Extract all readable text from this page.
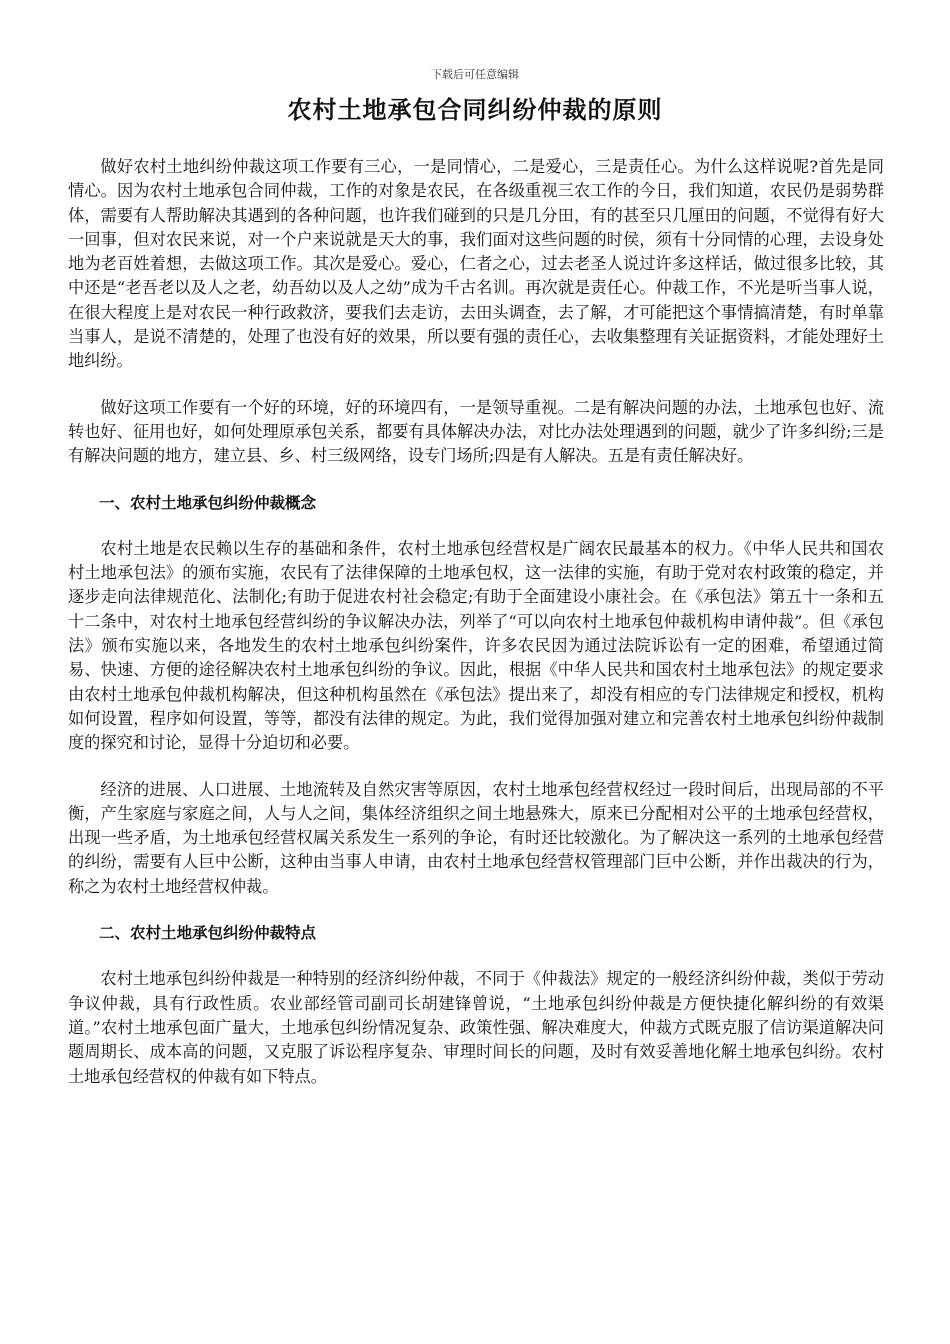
下载后可任意编辑
农村土地承包合同纠纷仲裁的原则

做好农村土地纠纷仲裁这项工作要有三心，一是同情心，二是爱心，三是责任心。为什么这样说呢?首先是同情心。因为农村土地承包合同仲裁，工作的对象是农民，在各级重视三农工作的今日，我们知道，农民仍是弱势群体，需要有人帮助解决其遇到的各种问题，也许我们碰到的只是几分田，有的甚至只几厘田的问题，不觉得有好大一回事，但对农民来说，对一个户来说就是天大的事，我们面对这些问题的时侯，须有十分同情的心理，去设身处地为老百姓着想，去做这项工作。其次是爱心。爱心，仁者之心，过去老圣人说过许多这样话，做过很多比较，其中还是“老吾老以及人之老，幼吾幼以及人之幼”成为千古名训。再次就是责任心。仲裁工作，不光是听当事人说，在很大程度上是对农民一种行政救济，要我们去走访，去田头调查，去了解，才可能把这个事情搞清楚，有时单靠当事人，是说不清楚的，处理了也没有好的效果，所以要有强的责任心，去收集整理有关证据资料，才能处理好土地纠纷。

做好这项工作要有一个好的环境，好的环境四有，一是领导重视。二是有解决问题的办法，土地承包也好、流转也好、征用也好，如何处理原承包关系，都要有具体解决办法，对比办法处理遇到的问题，就少了许多纠纷;三是有解决问题的地方，建立县、乡、村三级网络，设专门场所;四是有人解决。五是有责任解决好。

一、农村土地承包纠纷仲裁概念

农村土地是农民赖以生存的基础和条件，农村土地承包经营权是广阔农民最基本的权力。《中华人民共和国农村土地承包法》的颁布实施，农民有了法律保障的土地承包权，这一法律的实施，有助于党对农村政策的稳定，并逐步走向法律规范化、法制化;有助于促进农村社会稳定;有助于全面建设小康社会。在《承包法》第五十一条和五十二条中，对农村土地承包经营纠纷的争议解决办法，列举了“可以向农村土地承包仲裁机构申请仲裁”。但《承包法》颁布实施以来，各地发生的农村土地承包纠纷案件，许多农民因为通过法院诉讼有一定的困难，希望通过简易、快速、方便的途径解决农村土地承包纠纷的争议。因此，根据《中华人民共和国农村土地承包法》的规定要求由农村土地承包仲裁机构解决，但这种机构虽然在《承包法》提出来了，却没有相应的专门法律规定和授权，机构如何设置，程序如何设置，等等，都没有法律的规定。为此，我们觉得加强对建立和完善农村土地承包纠纷仲裁制度的探究和讨论，显得十分迫切和必要。

经济的进展、人口进展、土地流转及自然灾害等原因，农村土地承包经营权经过一段时间后，出现局部的不平衡，产生家庭与家庭之间，人与人之间，集体经济组织之间土地悬殊大，原来已分配相对公平的土地承包经营权，出现一些矛盾，为土地承包经营权属关系发生一系列的争论，有时还比较激化。为了解决这一系列的土地承包经营的纠纷，需要有人巨中公断，这种由当事人申请，由农村土地承包经营权管理部门巨中公断，并作出裁决的行为，称之为农村土地经营权仲裁。

二、农村土地承包纠纷仲裁特点

农村土地承包纠纷仲裁是一种特别的经济纠纷仲裁，不同于《仲裁法》规定的一般经济纠纷仲裁，类似于劳动争议仲裁，具有行政性质。农业部经管司副司长胡建锋曾说，“土地承包纠纷仲裁是方便快捷化解纠纷的有效渠道。”农村土地承包面广量大，土地承包纠纷情况复杂、政策性强、解决难度大，仲裁方式既克服了信访渠道解决问题周期长、成本高的问题，又克服了诉讼程序复杂、审理时间长的问题，及时有效妥善地化解土地承包纠纷。农村土地承包经营权的仲裁有如下特点。
